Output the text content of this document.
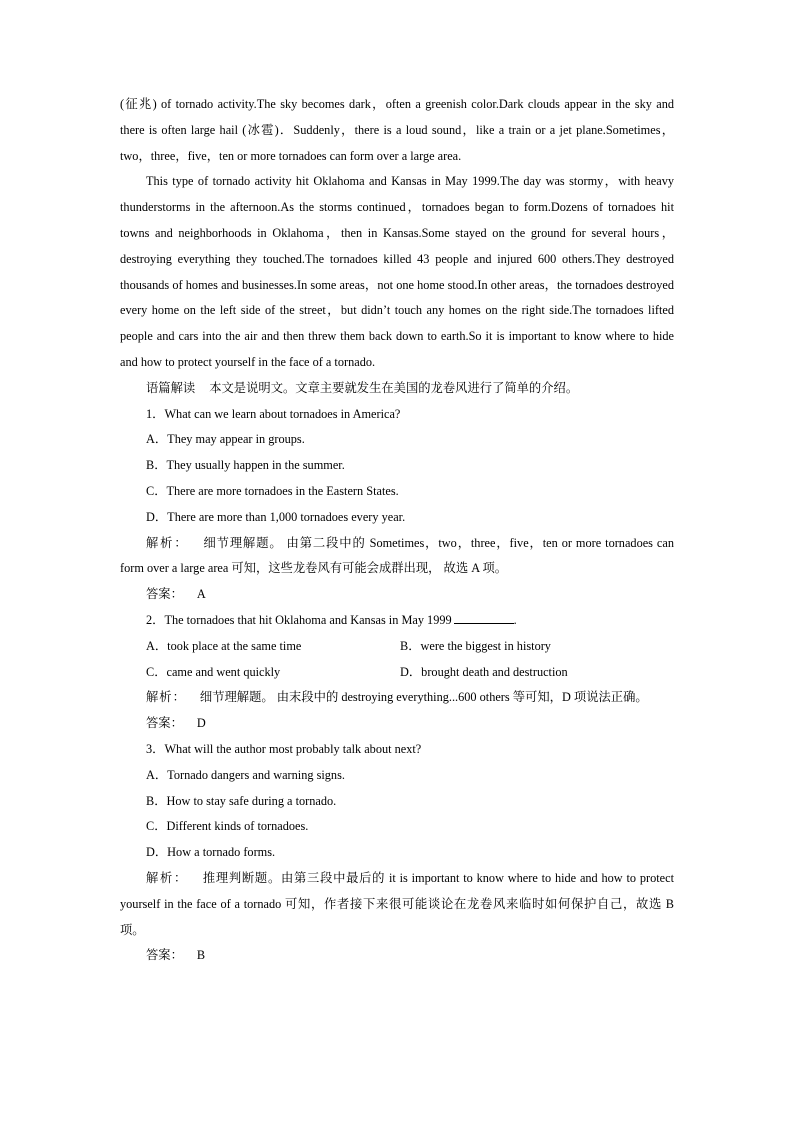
(征兆) of tornado activity.The sky becomes dark，often a greenish color.Dark clouds appear in the sky and there is often large hail (冰雹)．Suddenly，there is a loud sound，like a train or a jet plane.Sometimes，two，three，five，ten or more tornadoes can form over a large area.

This type of tornado activity hit Oklahoma and Kansas in May 1999.The day was stormy，with heavy thunderstorms in the afternoon.As the storms continued，tornadoes began to form.Dozens of tornadoes hit towns and neighborhoods in Oklahoma，then in Kansas.Some stayed on the ground for several hours，destroying everything they touched.The tornadoes killed 43 people and injured 600 others.They destroyed thousands of homes and businesses.In some areas，not one home stood.In other areas，the tornadoes destroyed every home on the left side of the street，but didn’t touch any homes on the right side.The tornadoes lifted people and cars into the air and then threw them back down to earth.So it is important to know where to hide and how to protect yourself in the face of a tornado.

语篇解读 本文是说明文。文章主要就发生在美国的龙卷风进行了简单的介绍。

1．What can we learn about tornadoes in America?

A．They may appear in groups.

B．They usually happen in the summer.

C．There are more tornadoes in the Eastern States.

D．There are more than 1,000 tornadoes every year.

解析： 细节理解题。 由第二段中的 Sometimes，two，three，five，ten or more tornadoes can form over a large area 可知，这些龙卷风有可能会成群出现， 故选 A 项。

答案： A

2．The tornadoes that hit Oklahoma and Kansas in May 1999	.

A．took place at the same time	B．were the biggest in history
C．came and went quickly	D．brought death and destruction

解析： 细节理解题。 由末段中的 destroying everything...600 others 等可知，D 项说法正确。

答案： D

3．What will the author most probably talk about next?

A．Tornado dangers and warning signs.

B．How to stay safe during a tornado.

C．Different kinds of tornadoes.

D．How a tornado forms.

解析： 推理判断题。由第三段中最后的 it is important to know where to hide and how to protect yourself in the face of a tornado 可知，作者接下来很可能谈论在龙卷风来临时如何保护自己，故选 B 项。

答案： B
